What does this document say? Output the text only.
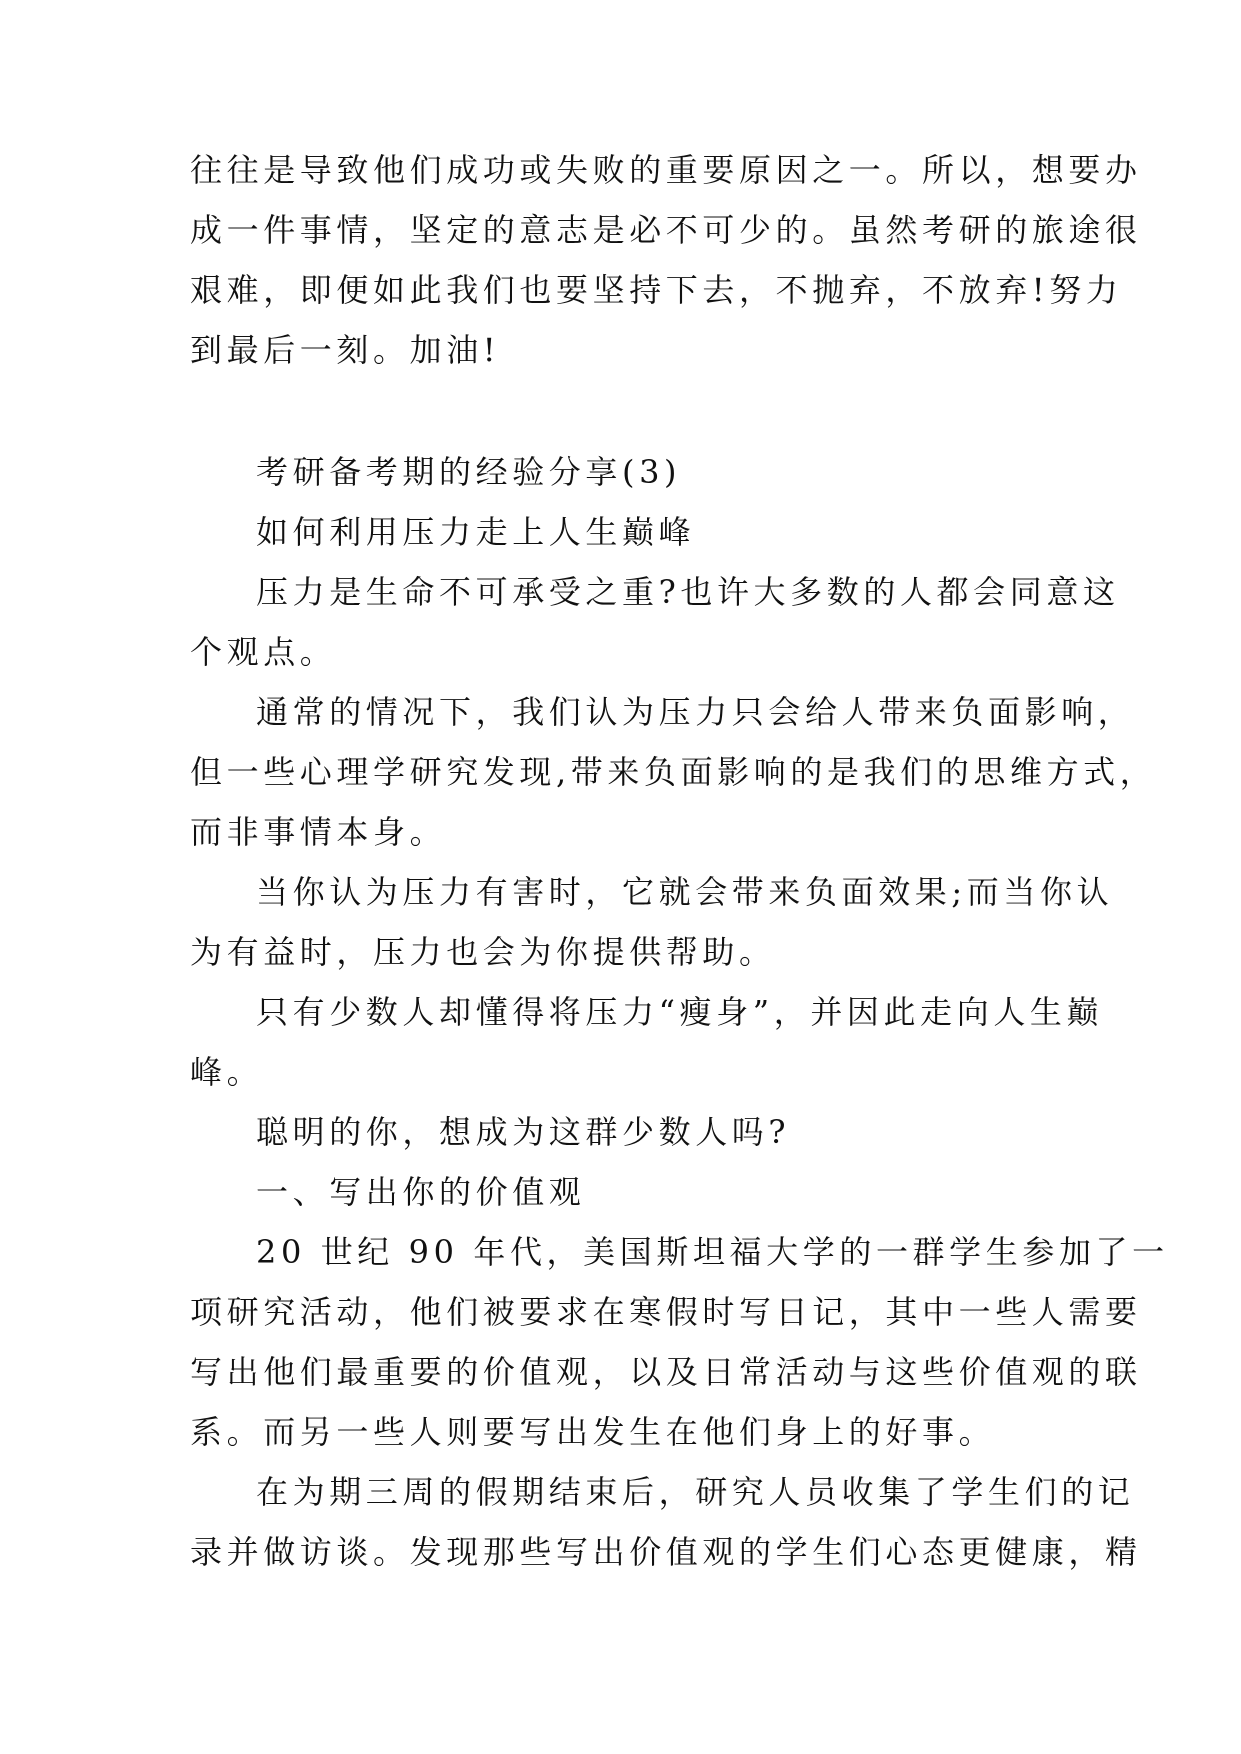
往往是导致他们成功或失败的重要原因之一。所以，想要办
成一件事情，坚定的意志是必不可少的。虽然考研的旅途很
艰难，即便如此我们也要坚持下去，不抛弃，不放弃!努力
到最后一刻。加油!
考研备考期的经验分享(3)
如何利用压力走上人生巅峰
压力是生命不可承受之重?也许大多数的人都会同意这
个观点。
通常的情况下，我们认为压力只会给人带来负面影响，
但一些心理学研究发现,带来负面影响的是我们的思维方式，
而非事情本身。
当你认为压力有害时，它就会带来负面效果;而当你认
为有益时，压力也会为你提供帮助。
只有少数人却懂得将压力“瘦身”，并因此走向人生巅
峰。
聪明的你，想成为这群少数人吗?
一、写出你的价值观
20 世纪 90 年代，美国斯坦福大学的一群学生参加了一
项研究活动，他们被要求在寒假时写日记，其中一些人需要
写出他们最重要的价值观，以及日常活动与这些价值观的联
系。而另一些人则要写出发生在他们身上的好事。
在为期三周的假期结束后，研究人员收集了学生们的记
录并做访谈。发现那些写出价值观的学生们心态更健康，精
